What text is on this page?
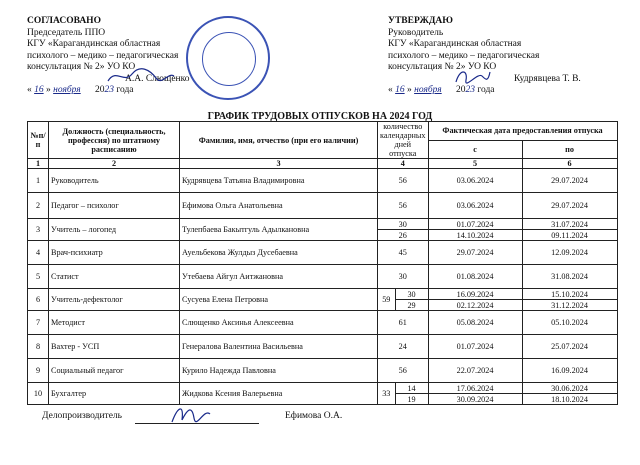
СОГЛАСОВАНО
Председатель ППО
КГУ «Карагандинская областная
психолого – медико – педагогическая
консультация № 2» УО КО
А.А. Слющенко
« 16 » ноября 2023 года
УТВЕРЖДАЮ
Руководитель
КГУ «Карагандинская областная
психолого – медико – педагогическая
консультация № 2» УО КО
Кудрявцева Т. В.
« 16 » ноября 2023 года
ГРАФИК ТРУДОВЫХ ОТПУСКОВ НА 2024 ГОД
№п/п	Должность (специальность, профессия) по штатному расписанию	Фамилия, имя, отчество (при его наличии)	количество календарных дней отпуска		Фактическая дата предоставления отпуска	
					с	по
1	2	3	4		5	6
1	Руководитель	Кудрявцева Татьяна Владимировна	56		03.06.2024	29.07.2024
2	Педагог – психолог	Ефимова Ольга Анатольевна	56		03.06.2024	29.07.2024
3	Учитель – логопед	Тулепбаева Бакытгуль Адылкановна	30		01.07.2024	31.07.2024
			26		14.10.2024	09.11.2024
4	Врач-психиатр	Ауельбекова Жулдыз Дусебаевна	45		29.07.2024	12.09.2024
5	Статист	Утебаева Айгул Аитжановна	30		01.08.2024	31.08.2024
6	Учитель-дефектолог	Сусуева Елена Петровна	59	30	16.09.2024	15.10.2024
				29	02.12.2024	31.12.2024
7	Методист	Слющенко Аксинья Алексеевна	61		05.08.2024	05.10.2024
8	Вахтер - УСП	Генералова Валентина Васильевна	24		01.07.2024	25.07.2024
9	Социальный педагог	Курило Надежда Павловна	56		22.07.2024	16.09.2024
10	Бухгалтер	Жидкова Ксения Валерьевна	33	14	17.06.2024	30.06.2024
				19	30.09.2024	18.10.2024
Делопроизводитель	Ефимова О.А.
